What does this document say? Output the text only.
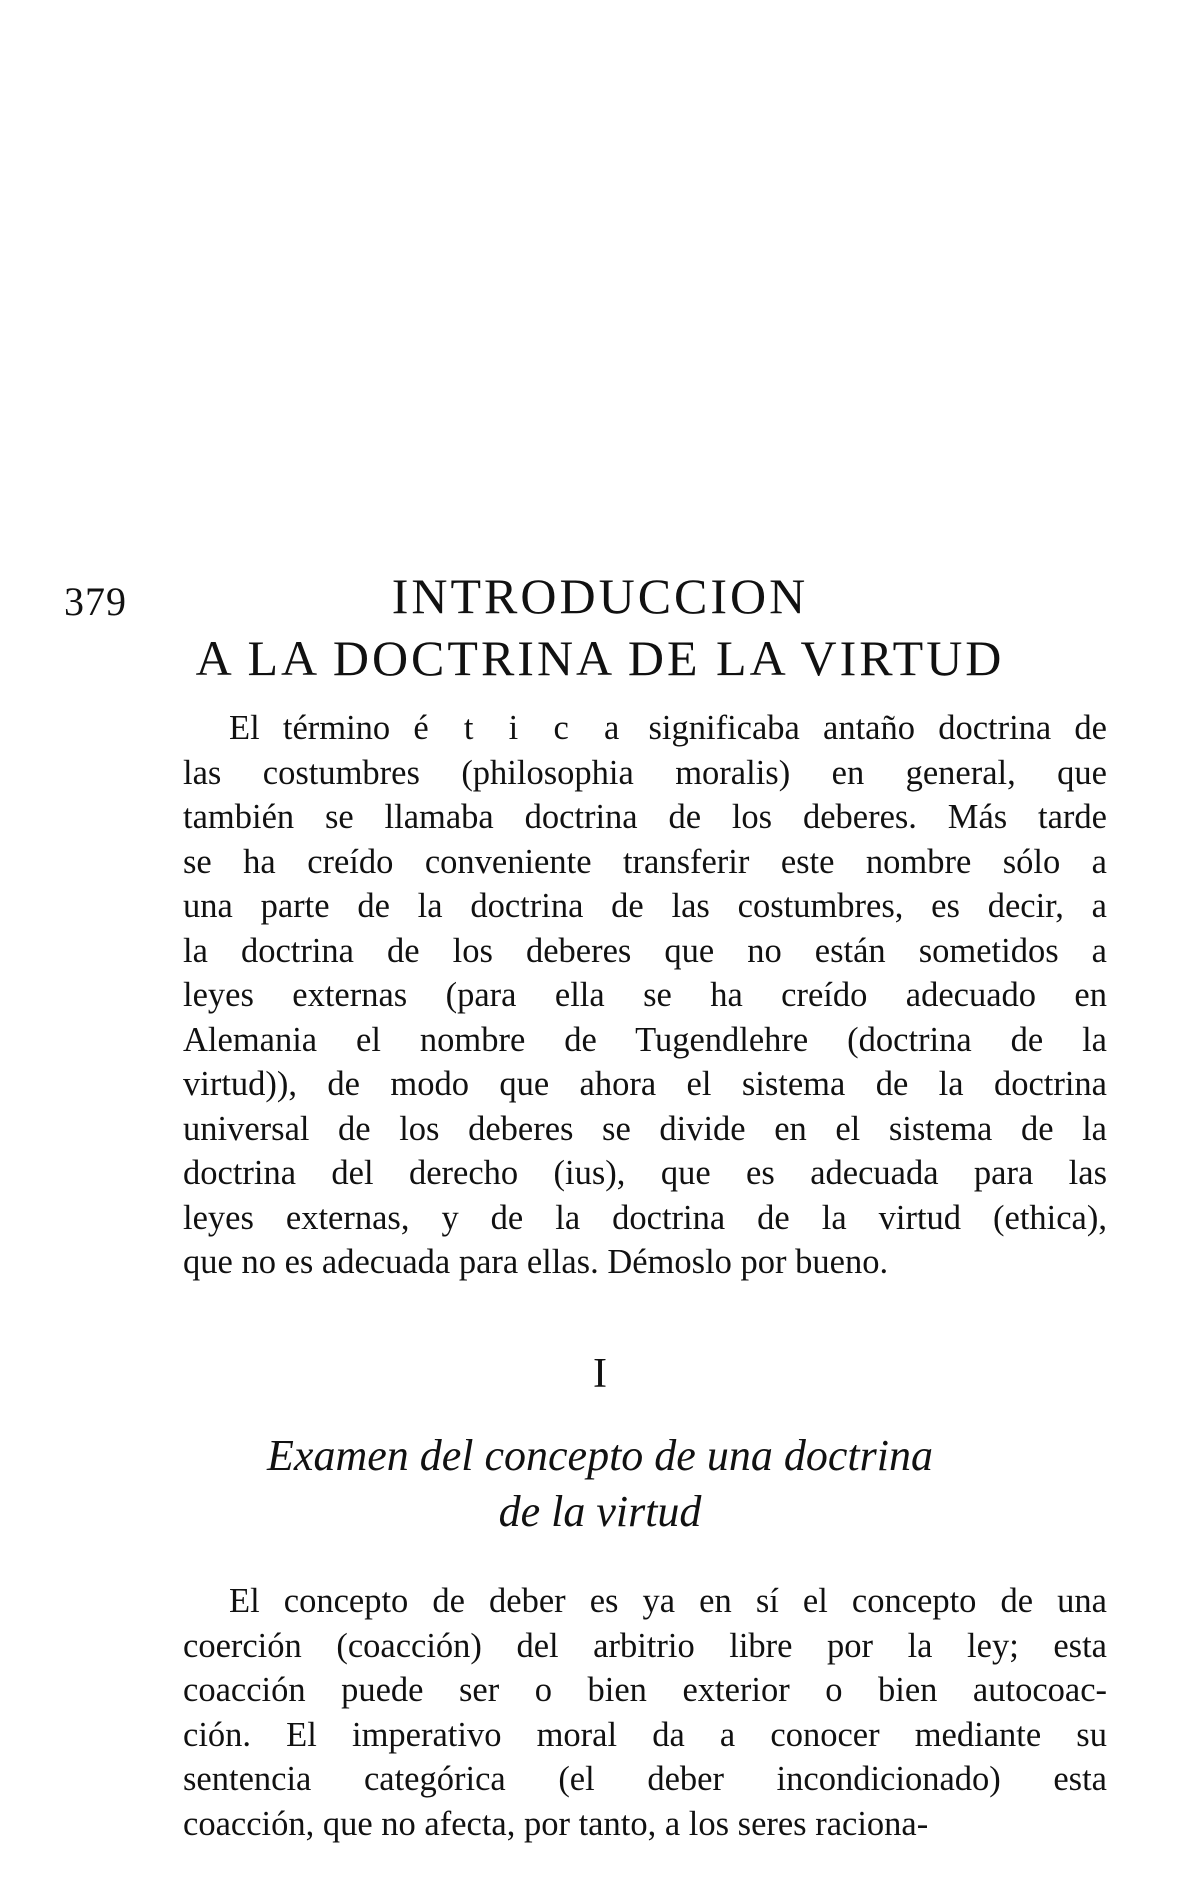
379	INTRODUCCION
A LA DOCTRINA DE LA VIRTUD
El término é t i c a significaba antaño doctrina de
las costumbres (philosophia moralis) en general, que
también se llamaba doctrina de los deberes. Más tarde
se ha creído conveniente transferir este nombre sólo a
una parte de la doctrina de las costumbres, es decir, a
la doctrina de los deberes que no están sometidos a
leyes externas (para ella se ha creído adecuado en
Alemania el nombre de Tugendlehre (doctrina de la
virtud)), de modo que ahora el sistema de la doctrina
universal de los deberes se divide en el sistema de la
doctrina del derecho (ius), que es adecuada para las
leyes externas, y de la doctrina de la virtud (ethica),
que no es adecuada para ellas. Démoslo por bueno.
I
Examen del concepto de una doctrina
de la virtud
El concepto de deber es ya en sí el concepto de una
coerción (coacción) del arbitrio libre por la ley; esta
coacción puede ser o bien exterior o bien autocoac-
ción. El imperativo moral da a conocer mediante su
sentencia categórica (el deber incondicionado) esta
coacción, que no afecta, por tanto, a los seres raciona-
